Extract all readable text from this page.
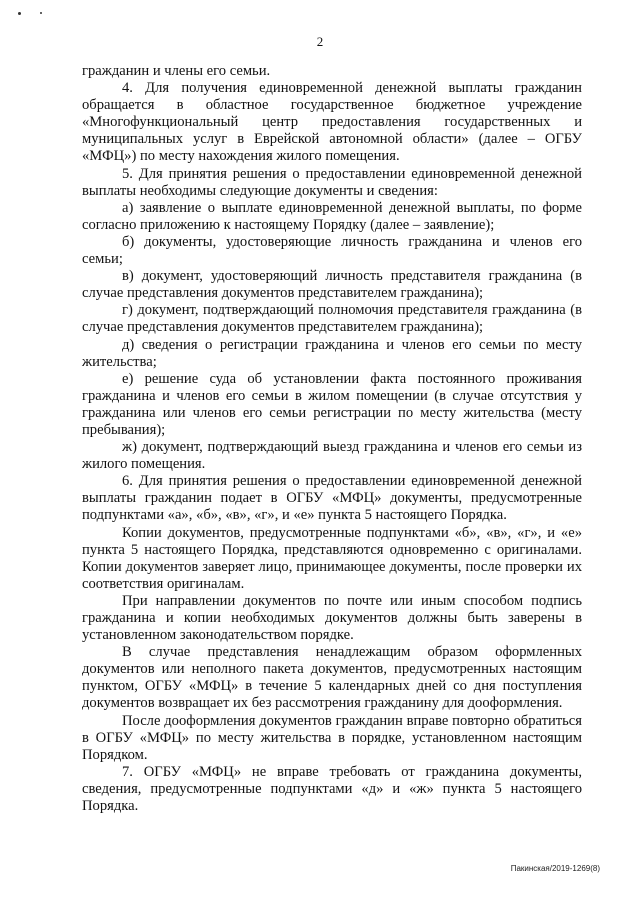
2

гражданин и члены его семьи.

4. Для получения единовременной денежной выплаты гражданин обращается в областное государственное бюджетное учреждение «Многофункциональный центр предоставления государственных и муниципальных услуг в Еврейской автономной области» (далее – ОГБУ «МФЦ») по месту нахождения жилого помещения.

5. Для принятия решения о предоставлении единовременной денежной выплаты необходимы следующие документы и сведения:

а) заявление о выплате единовременной денежной выплаты, по форме согласно приложению к настоящему Порядку (далее – заявление);

б) документы, удостоверяющие личность гражданина и членов его семьи;

в) документ, удостоверяющий личность представителя гражданина (в случае представления документов представителем гражданина);

г) документ, подтверждающий полномочия представителя гражданина (в случае представления документов представителем гражданина);

д) сведения о регистрации гражданина и членов его семьи по месту жительства;

е) решение суда об установлении факта постоянного проживания гражданина и членов его семьи в жилом помещении (в случае отсутствия у гражданина или членов его семьи регистрации по месту жительства (месту пребывания);

ж) документ, подтверждающий выезд гражданина и членов его семьи из жилого помещения.

6. Для принятия решения о предоставлении единовременной денежной выплаты гражданин подает в ОГБУ «МФЦ» документы, предусмотренные подпунктами «а», «б», «в», «г», и «е» пункта 5 настоящего Порядка.

Копии документов, предусмотренные подпунктами «б», «в», «г», и «е» пункта 5 настоящего Порядка, представляются одновременно с оригиналами. Копии документов заверяет лицо, принимающее документы, после проверки их соответствия оригиналам.

При направлении документов по почте или иным способом подпись гражданина и копии необходимых документов должны быть заверены в установленном законодательством порядке.

В случае представления ненадлежащим образом оформленных документов или неполного пакета документов, предусмотренных настоящим пунктом, ОГБУ «МФЦ» в течение 5 календарных дней со дня поступления документов возвращает их без рассмотрения гражданину для дооформления.

После дооформления документов гражданин вправе повторно обратиться в ОГБУ «МФЦ» по месту жительства в порядке, установленном настоящим Порядком.

7. ОГБУ «МФЦ» не вправе требовать от гражданина документы, сведения, предусмотренные подпунктами «д» и «ж» пункта 5 настоящего Порядка.

Пакинская/2019-1269(8)
